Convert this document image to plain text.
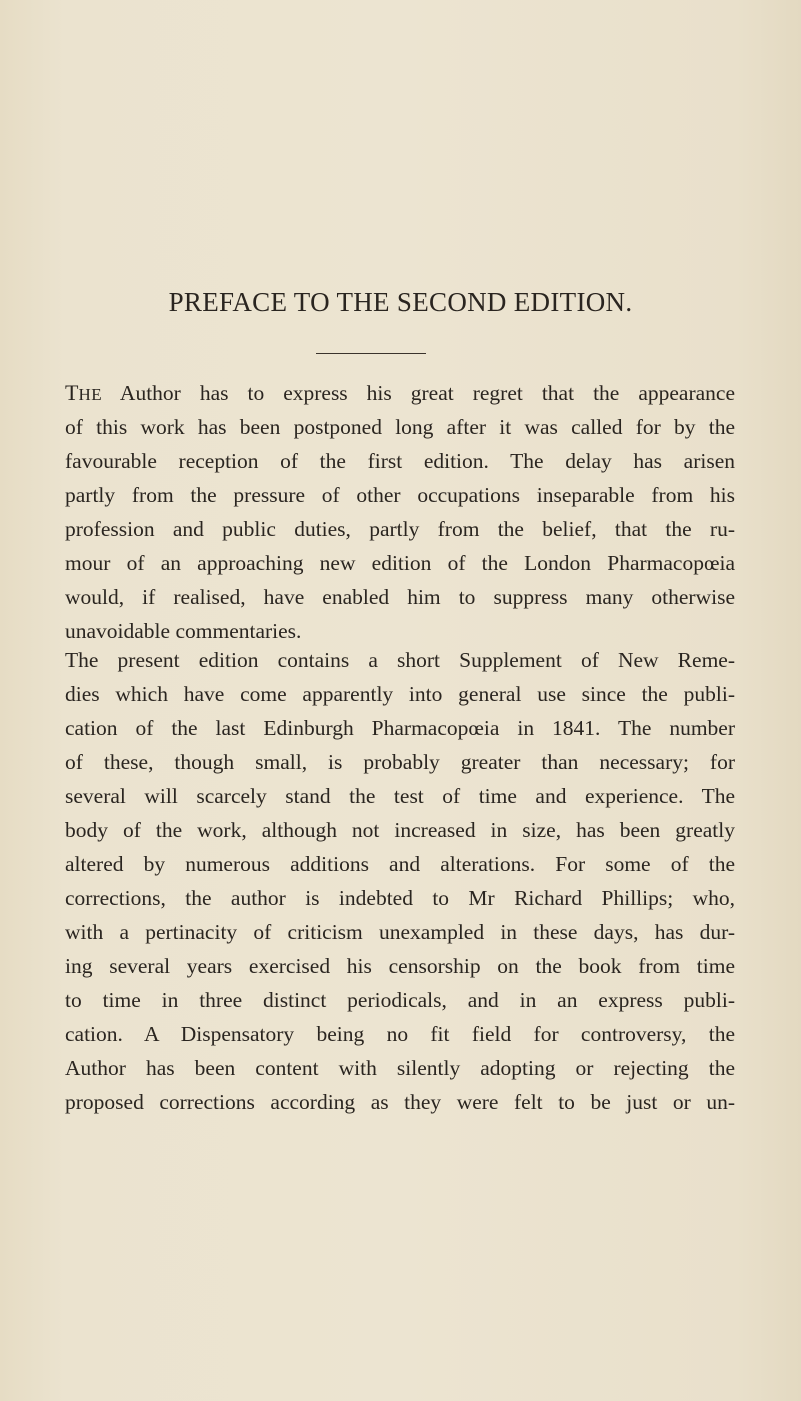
PREFACE TO THE SECOND EDITION.
THE Author has to express his great regret that the appearance
of this work has been postponed long after it was called for by the
favourable reception of the first edition. The delay has arisen
partly from the pressure of other occupations inseparable from his
profession and public duties, partly from the belief, that the ru-
mour of an approaching new edition of the London Pharmacopœia
would, if realised, have enabled him to suppress many otherwise
unavoidable commentaries.
The present edition contains a short Supplement of New Reme-
dies which have come apparently into general use since the publi-
cation of the last Edinburgh Pharmacopœia in 1841. The number
of these, though small, is probably greater than necessary; for
several will scarcely stand the test of time and experience. The
body of the work, although not increased in size, has been greatly
altered by numerous additions and alterations. For some of the
corrections, the author is indebted to Mr Richard Phillips; who,
with a pertinacity of criticism unexampled in these days, has dur-
ing several years exercised his censorship on the book from time
to time in three distinct periodicals, and in an express publi-
cation. A Dispensatory being no fit field for controversy, the
Author has been content with silently adopting or rejecting the
proposed corrections according as they were felt to be just or un-
